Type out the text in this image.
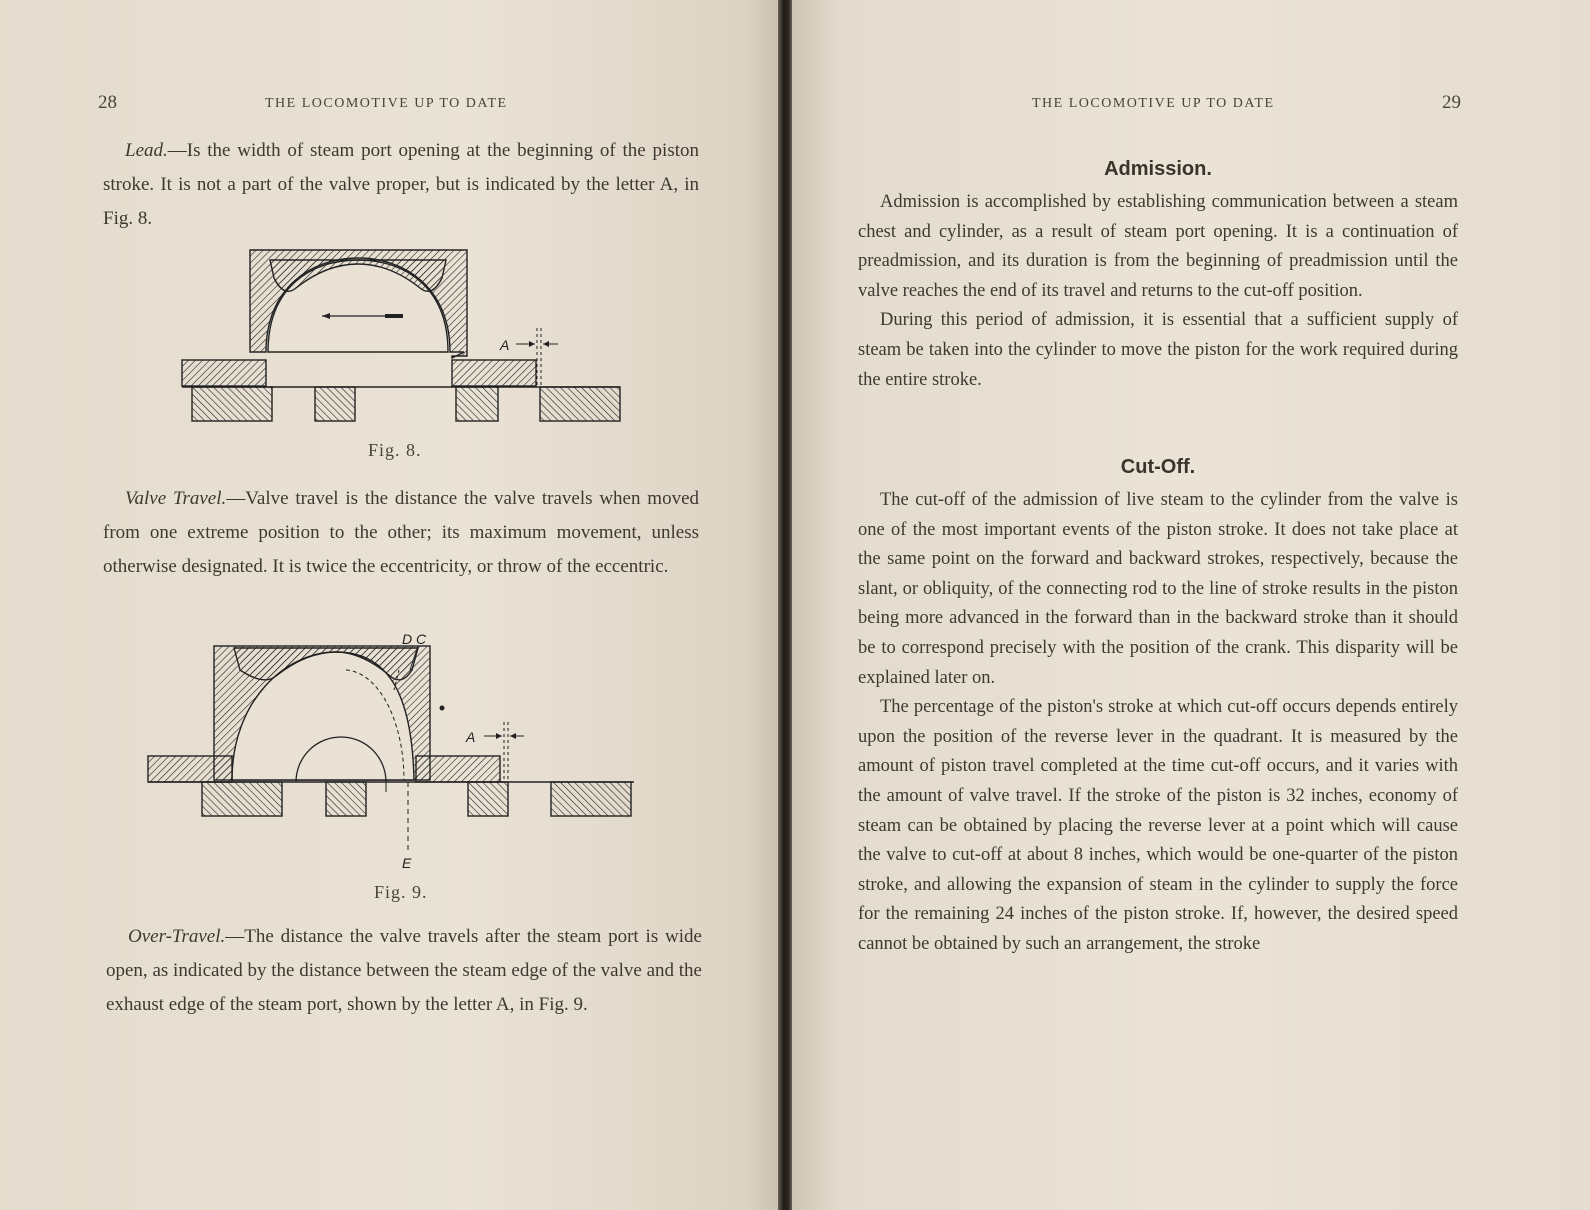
28	THE LOCOMOTIVE UP TO DATE

Lead.—Is the width of steam port opening at the beginning of the piston stroke. It is not a part of the valve proper, but is indicated by the letter A, in Fig. 8.

A
Fig. 8.

Valve Travel.—Valve travel is the distance the valve travels when moved from one extreme position to the other; its maximum movement, unless otherwise designated. It is twice the eccentricity, or throw of the eccentric.

A
D C
E
Fig. 9.

Over-Travel.—The distance the valve travels after the steam port is wide open, as indicated by the distance between the steam edge of the valve and the exhaust edge of the steam port, shown by the letter A, in Fig. 9.

THE LOCOMOTIVE UP TO DATE	29
Admission.

Admission is accomplished by establishing communication between a steam chest and cylinder, as a result of steam port opening. It is a continuation of preadmission, and its duration is from the beginning of preadmission until the valve reaches the end of its travel and returns to the cut-off position.

During this period of admission, it is essential that a sufficient supply of steam be taken into the cylinder to move the piston for the work required during the entire stroke.

Cut-Off.

The cut-off of the admission of live steam to the cylinder from the valve is one of the most important events of the piston stroke. It does not take place at the same point on the forward and backward strokes, respectively, because the slant, or obliquity, of the connecting rod to the line of stroke results in the piston being more advanced in the forward than in the backward stroke than it should be to correspond precisely with the position of the crank. This disparity will be explained later on.

The percentage of the piston's stroke at which cut-off occurs depends entirely upon the position of the reverse lever in the quadrant. It is measured by the amount of piston travel completed at the time cut-off occurs, and it varies with the amount of valve travel. If the stroke of the piston is 32 inches, economy of steam can be obtained by placing the reverse lever at a point which will cause the valve to cut-off at about 8 inches, which would be one-quarter of the piston stroke, and allowing the expansion of steam in the cylinder to supply the force for the remaining 24 inches of the piston stroke. If, however, the desired speed cannot be obtained by such an arrangement, the stroke
